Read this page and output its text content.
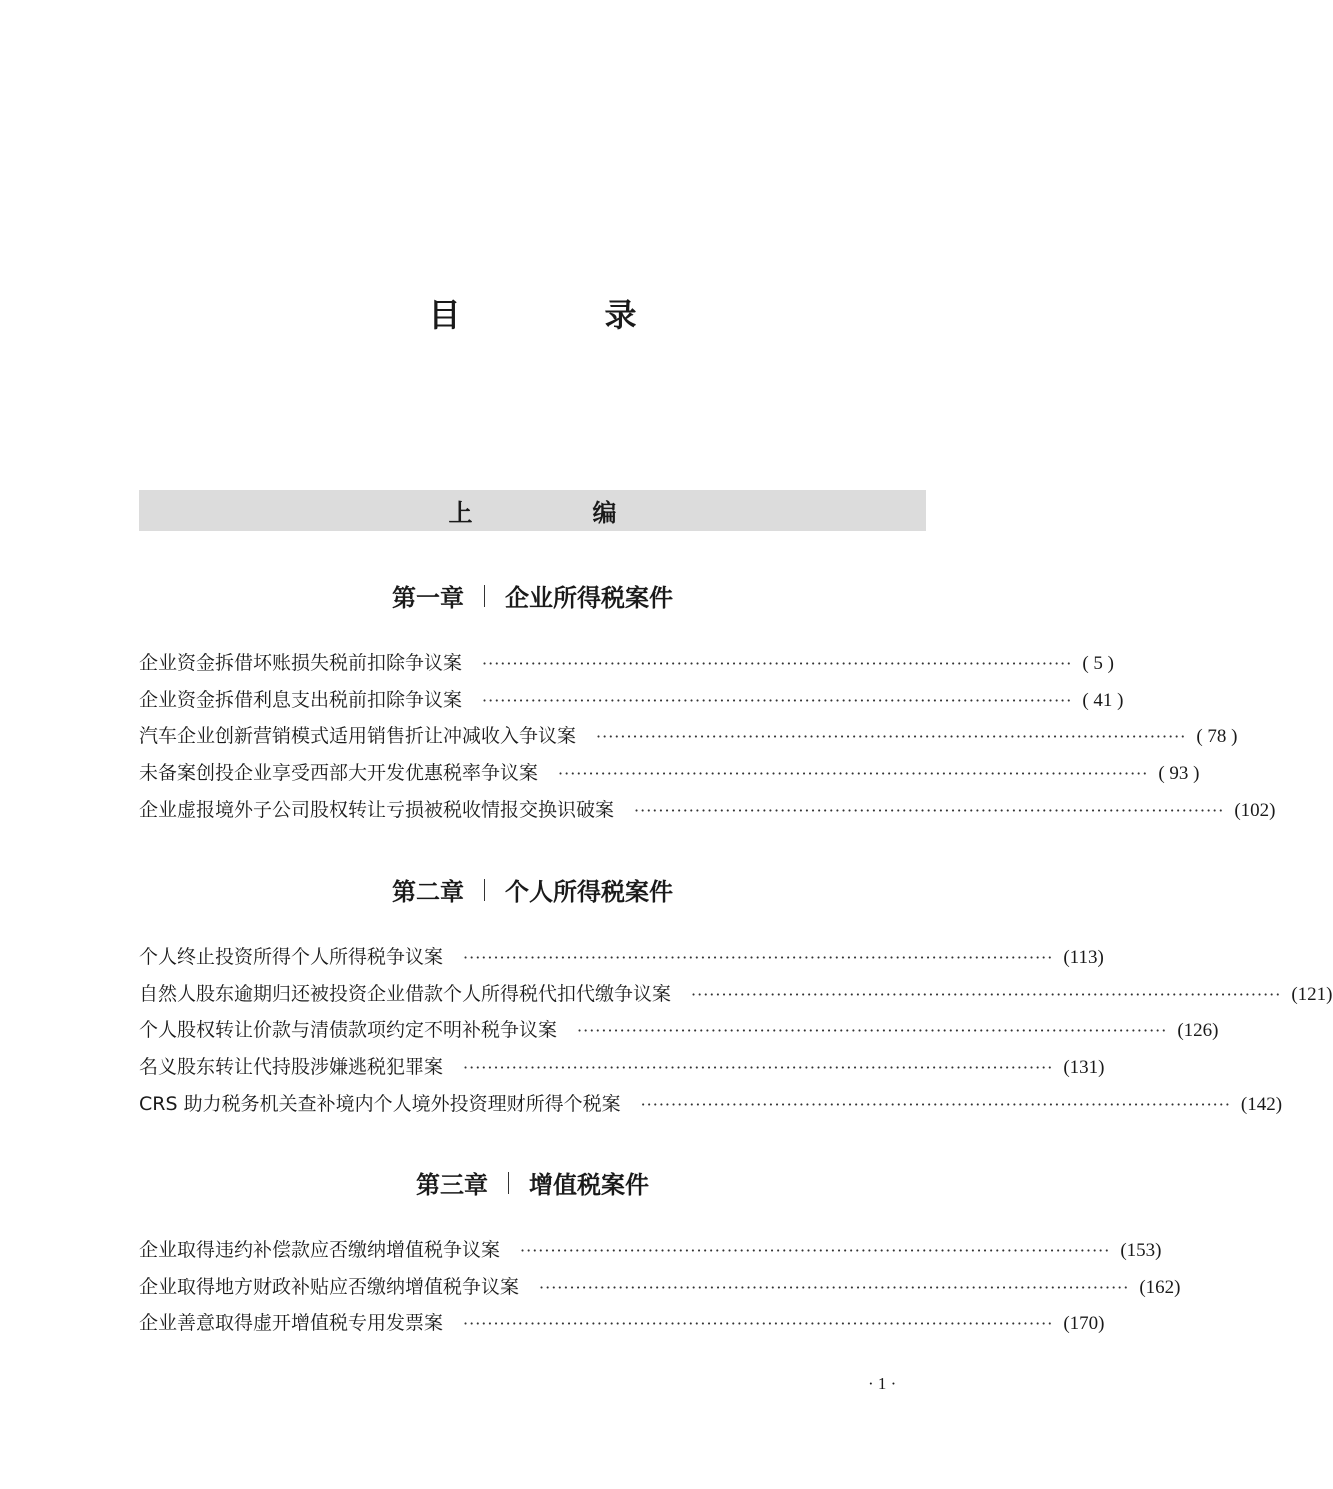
目　录
上　编
第一章 企业所得税案件
企业资金拆借坏账损失税前扣除争议案 ································································································· ( 5 )
企业资金拆借利息支出税前扣除争议案 ································································································· ( 41 )
汽车企业创新营销模式适用销售折让冲减收入争议案 ································································································· ( 78 )
未备案创投企业享受西部大开发优惠税率争议案 ································································································· ( 93 )
企业虚报境外子公司股权转让亏损被税收情报交换识破案 ································································································· (102)
第二章 个人所得税案件
个人终止投资所得个人所得税争议案 ································································································· (113)
自然人股东逾期归还被投资企业借款个人所得税代扣代缴争议案 ································································································· (121)
个人股权转让价款与清债款项约定不明补税争议案 ································································································· (126)
名义股东转让代持股涉嫌逃税犯罪案 ································································································· (131)
CRS 助力税务机关查补境内个人境外投资理财所得个税案 ································································································· (142)
第三章 增值税案件
企业取得违约补偿款应否缴纳增值税争议案 ································································································· (153)
企业取得地方财政补贴应否缴纳增值税争议案 ································································································· (162)
企业善意取得虚开增值税专用发票案 ································································································· (170)
· 1 ·
